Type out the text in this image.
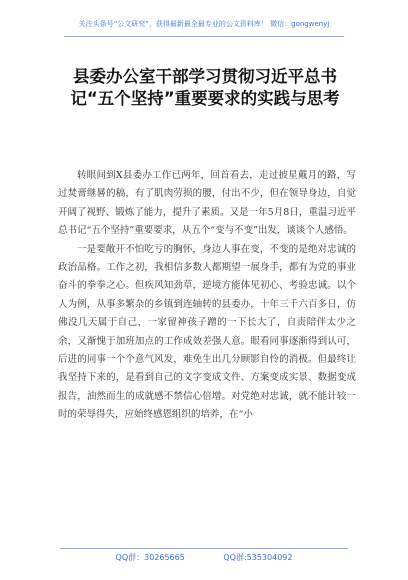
关注头条号“公文研究”，获得最新最全最专业的公文资料库！ 微信：gongwenyj
县委办公室干部学习贯彻习近平总书记“五个坚持”重要要求的实践与思考

转眼间到X县委办工作已两年，回首看去，走过披星戴月的路，写过焚膏继晷的稿，有了肌肉劳损的腰，付出不少，但在领导身边，自觉开阔了视野、锻炼了能力，提升了素质。又是一年5月8日，重温习近平总书记“五个坚持”重要要求，从五个“变与不变”出发，谈谈个人感悟。

一是要敞开不怕吃亏的胸怀，身边人事在变，不变的是绝对忠诚的政治品格。工作之初，我相信多数人都期望一展身手，都有为党的事业奋斗的拳拳之心。但疾风知劲草，逆境方能体见初心、考验忠诚。以个人为例，从事多繁杂的乡镇到连轴转的县委办，十年三千六百多日，仿佛没几天属于自己，一家留神孩子蹭的一下长大了，自责陪伴太少之余，又渐愧于加班加点的工作成效差强人意。眼看同事逐渐得到认可，后进的同事一个个意气风发，难免生出几分顾影自怜的消极。但最终让我坚持下来的，是看到自己的文字变成文件、方案变成实景、数据变成报告，油然而生的成就感不禁信心倍增。对党绝对忠诚，就不能计较一时的荣辱得失，应始终感恩组织的培养，在“小

QQ群：30265665	QQ群:535304092
